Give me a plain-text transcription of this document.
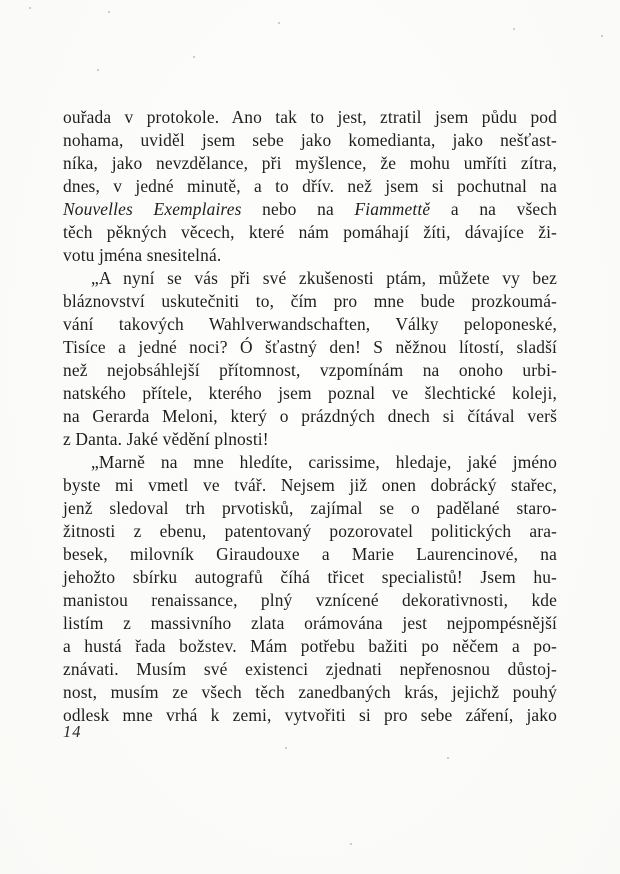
ouřada v protokole. Ano tak to jest, ztratil jsem půdu pod
nohama, uviděl jsem sebe jako komedianta, jako nešťast-
níka, jako nevzdělance, při myšlence, že mohu umříti zítra,
dnes, v jedné minutě, a to dřív. než jsem si pochutnal na
Nouvelles Exemplaires nebo na Fiammettě a na všech
těch pěkných věcech, které nám pomáhají žíti, dávajíce ži-
votu jména snesitelná.
„A nyní se vás při své zkušenosti ptám, můžete vy bez
bláznovství uskutečniti to, čím pro mne bude prozkoumá-
vání takových Wahlverwandschaften, Války peloponeské,
Tisíce a jedné noci? Ó šťastný den! S něžnou lítostí, sladší
než nejobsáhlejší přítomnost, vzpomínám na onoho urbi-
natského přítele, kterého jsem poznal ve šlechtické koleji,
na Gerarda Meloni, který o prázdných dnech si čítával verš
z Danta. Jaké vědění plnosti!
„Marně na mne hledíte, carissime, hledaje, jaké jméno
byste mi vmetl ve tvář. Nejsem již onen dobrácký stařec,
jenž sledoval trh prvotisků, zajímal se o padělané staro-
žitnosti z ebenu, patentovaný pozorovatel politických ara-
besek, milovník Giraudouxe a Marie Laurencinové, na
jehožto sbírku autografů číhá třicet specialistů! Jsem hu-
manistou renaissance, plný vznícené dekorativnosti, kde
listím z massivního zlata orámována jest nejpompésnější
a hustá řada božstev. Mám potřebu bažiti po něčem a po-
znávati. Musím své existenci zjednati nepřenosnou důstoj-
nost, musím ze všech těch zanedbaných krás, jejichž pouhý
odlesk mne vrhá k zemi, vytvořiti si pro sebe záření, jako
14
